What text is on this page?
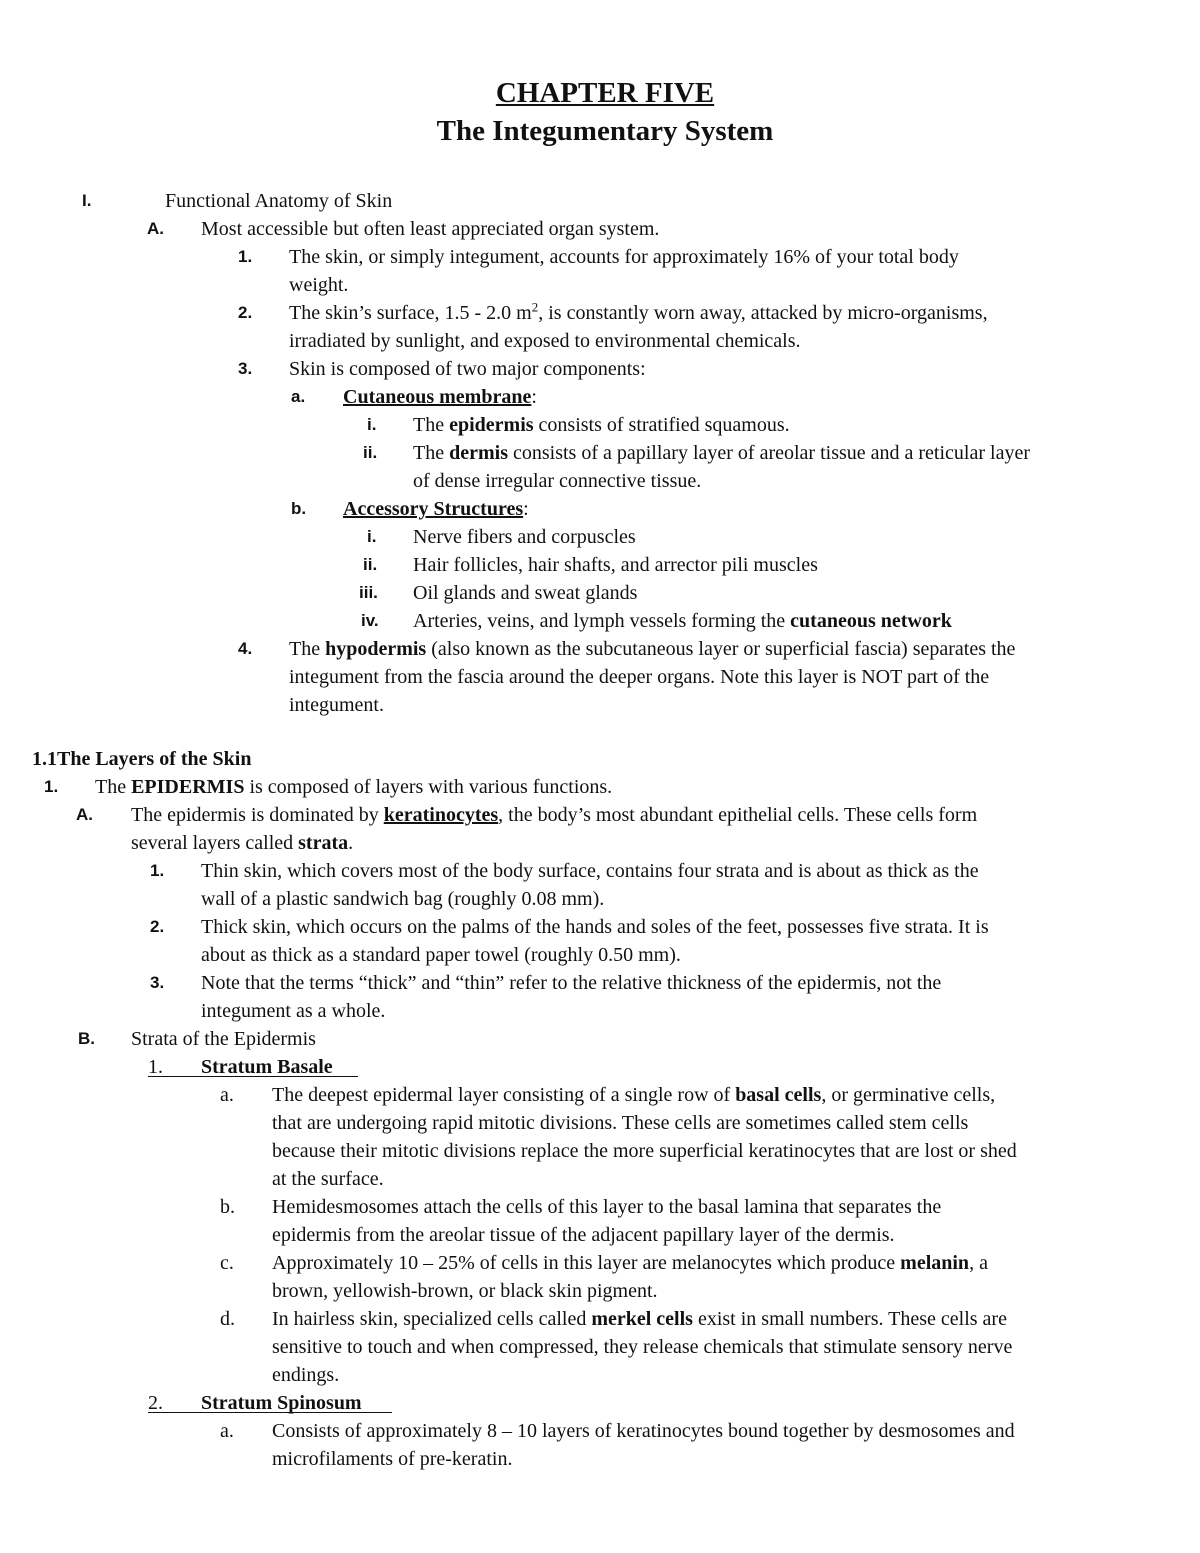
CHAPTER FIVE
The Integumentary System
I.	Functional Anatomy of Skin
A. Most accessible but often least appreciated organ system.
1. The skin, or simply integument, accounts for approximately 16% of your total body
weight.
2. The skin’s surface, 1.5 - 2.0 $m^2$, is constantly worn away, attacked by micro-organisms,
irradiated by sunlight, and exposed to environmental chemicals.
3. Skin is composed of two major components:
a. Cutaneous membrane:
i. The epidermis consists of stratified squamous.
ii. The dermis consists of a papillary layer of areolar tissue and a reticular layer
of dense irregular connective tissue.
b. Accessory Structures:
i. Nerve fibers and corpuscles
ii. Hair follicles, hair shafts, and arrector pili muscles
iii. Oil glands and sweat glands
iv. Arteries, veins, and lymph vessels forming the cutaneous network
4. The hypodermis (also known as the subcutaneous layer or superficial fascia) separates the
integument from the fascia around the deeper organs. Note this layer is NOT part of the
integument.
1.1The Layers of the Skin
1. The EPIDERMIS is composed of layers with various functions.
A. The epidermis is dominated by keratinocytes, the body’s most abundant epithelial cells. These cells form
several layers called strata.
1. Thin skin, which covers most of the body surface, contains four strata and is about as thick as the
wall of a plastic sandwich bag (roughly 0.08 mm).
2. Thick skin, which occurs on the palms of the hands and soles of the feet, possesses five strata. It is
about as thick as a standard paper towel (roughly 0.50 mm).
3. Note that the terms “thick” and “thin” refer to the relative thickness of the epidermis, not the
integument as a whole.
B. Strata of the Epidermis
1. Stratum Basale
a. The deepest epidermal layer consisting of a single row of basal cells, or germinative cells,
that are undergoing rapid mitotic divisions. These cells are sometimes called stem cells
because their mitotic divisions replace the more superficial keratinocytes that are lost or shed
at the surface.
b. Hemidesmosomes attach the cells of this layer to the basal lamina that separates the
epidermis from the areolar tissue of the adjacent papillary layer of the dermis.
c. Approximately 10 – 25% of cells in this layer are melanocytes which produce melanin, a
brown, yellowish-brown, or black skin pigment.
d. In hairless skin, specialized cells called merkel cells exist in small numbers. These cells are
sensitive to touch and when compressed, they release chemicals that stimulate sensory nerve
endings.
2. Stratum Spinosum
a. Consists of approximately 8 – 10 layers of keratinocytes bound together by desmosomes and
microfilaments of pre-keratin.
